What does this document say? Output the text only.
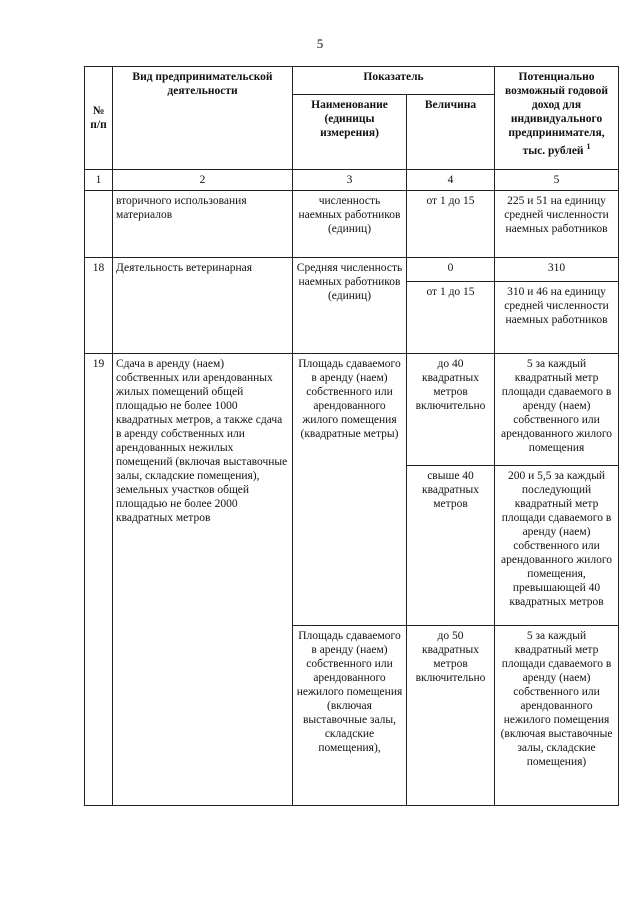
5
№ п/п	Вид предпринимательской деятельности	Показатель		Потенциально возможный годовой доход для индивидуального предпринимателя, тыс. рублей $^1$
		Наименование (единицы измерения)	Величина	
1	2	3	4	5
	вторичного использования материалов	численность наемных работников (единиц)	от 1 до 15	225 и 51 на единицу средней численности наемных работников
18	Деятельность ветеринарная	Средняя численность наемных работников (единиц)	0	310
			от 1 до 15	310 и 46 на единицу средней численности наемных работников
19	Сдача в аренду (наем) собственных или арендованных жилых помещений общей площадью не более 1000 квадратных метров, а также сдача в аренду собственных или арендованных нежилых помещений (включая выставочные залы, складские помещения), земельных участков общей площадью не более 2000 квадратных метров	Площадь сдаваемого в аренду (наем) собственного или арендованного жилого помещения (квадратные метры)	до 40 квадратных метров включительно	5 за каждый квадратный метр площади сдаваемого в аренду (наем) собственного или арендованного жилого помещения
			свыше 40 квадратных метров	200 и 5,5 за каждый последующий квадратный метр площади сдаваемого в аренду (наем) собственного или арендованного жилого помещения, превышающей 40 квадратных метров
		Площадь сдаваемого в аренду (наем) собственного или арендованного нежилого помещения (включая выставочные залы, складские помещения),	до 50 квадратных метров включительно	5 за каждый квадратный метр площади сдаваемого в аренду (наем) собственного или арендованного нежилого помещения (включая выставочные залы, складские помещения)
